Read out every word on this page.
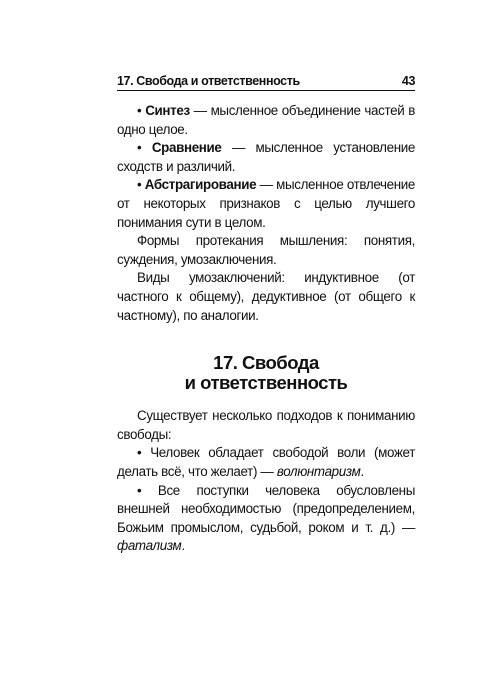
17. Свобода и ответственность	43

• Синтез — мысленное объединение частей в одно целое.

• Сравнение — мысленное установление сходств и различий.

• Абстрагирование — мысленное отвлечение от некоторых признаков с целью лучшего понимания сути в целом.

Формы протекания мышления: понятия, суждения, умозаключения.

Виды умозаключений: индуктивное (от частного к общему), дедуктивное (от общего к частному), по аналогии.

17. Свобода
и ответственность

Существует несколько подходов к пониманию свободы:

• Человек обладает свободой воли (может делать всё, что желает) — волюнтаризм.

• Все поступки человека обусловлены внешней необходимостью (предопределением, Божьим промыслом, судьбой, роком и т. д.) — фатализм.
